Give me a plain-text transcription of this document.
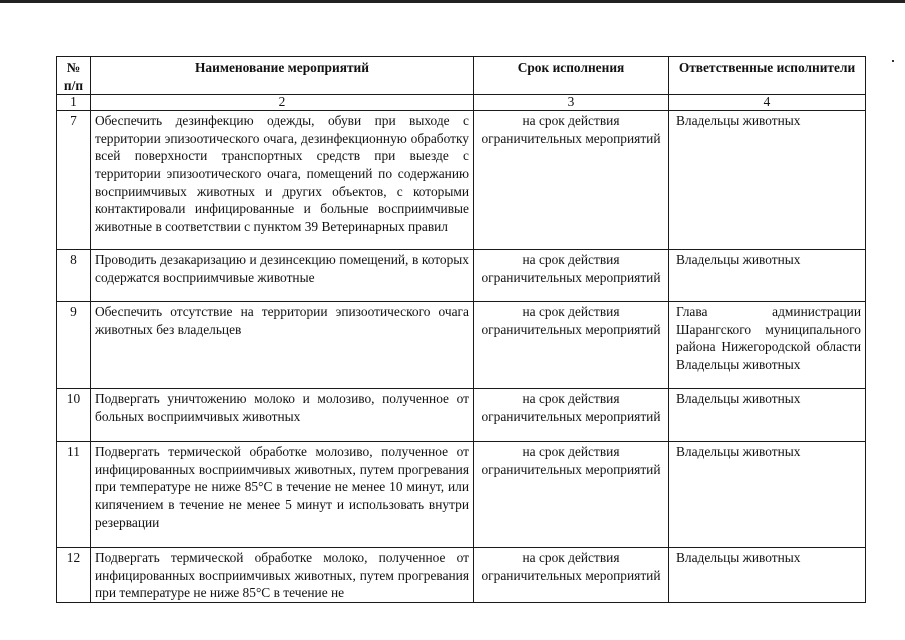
№ п/п	Наименование мероприятий	Срок исполнения	Ответственные исполнители
1	2	3	4
7	Обеспечить дезинфекцию одежды, обуви при выходе с территории эпизоотического очага, дезинфекционную обработку всей поверхности транспортных средств при выезде с территории эпизоотического очага, помещений по содержанию восприимчивых животных и других объектов, с которыми контактировали инфицированные и больные восприимчивые животные в соответствии с пунктом 39 Ветеринарных правил	на срок действия ограничительных мероприятий	Владельцы животных
8	Проводить дезакаризацию и дезинсекцию помещений, в которых содержатся восприимчивые животные	на срок действия ограничительных мероприятий	Владельцы животных
9	Обеспечить отсутствие на территории эпизоотического очага животных без владельцев	на срок действия ограничительных мероприятий	Глава администрации Шарангского муниципального района Нижегородской области Владельцы животных
10	Подвергать уничтожению молоко и молозиво, полученное от больных восприимчивых животных	на срок действия ограничительных мероприятий	Владельцы животных
11	Подвергать термической обработке молозиво, полученное от инфицированных восприимчивых животных, путем прогревания при температуре не ниже 85°С в течение не менее 10 минут, или кипячением в течение не менее 5 минут и использовать внутри резервации	на срок действия ограничительных мероприятий	Владельцы животных
12	Подвергать термической обработке молоко, полученное от инфицированных восприимчивых животных, путем прогревания при температуре не ниже 85°С в течение не	на срок действия ограничительных мероприятий	Владельцы животных
